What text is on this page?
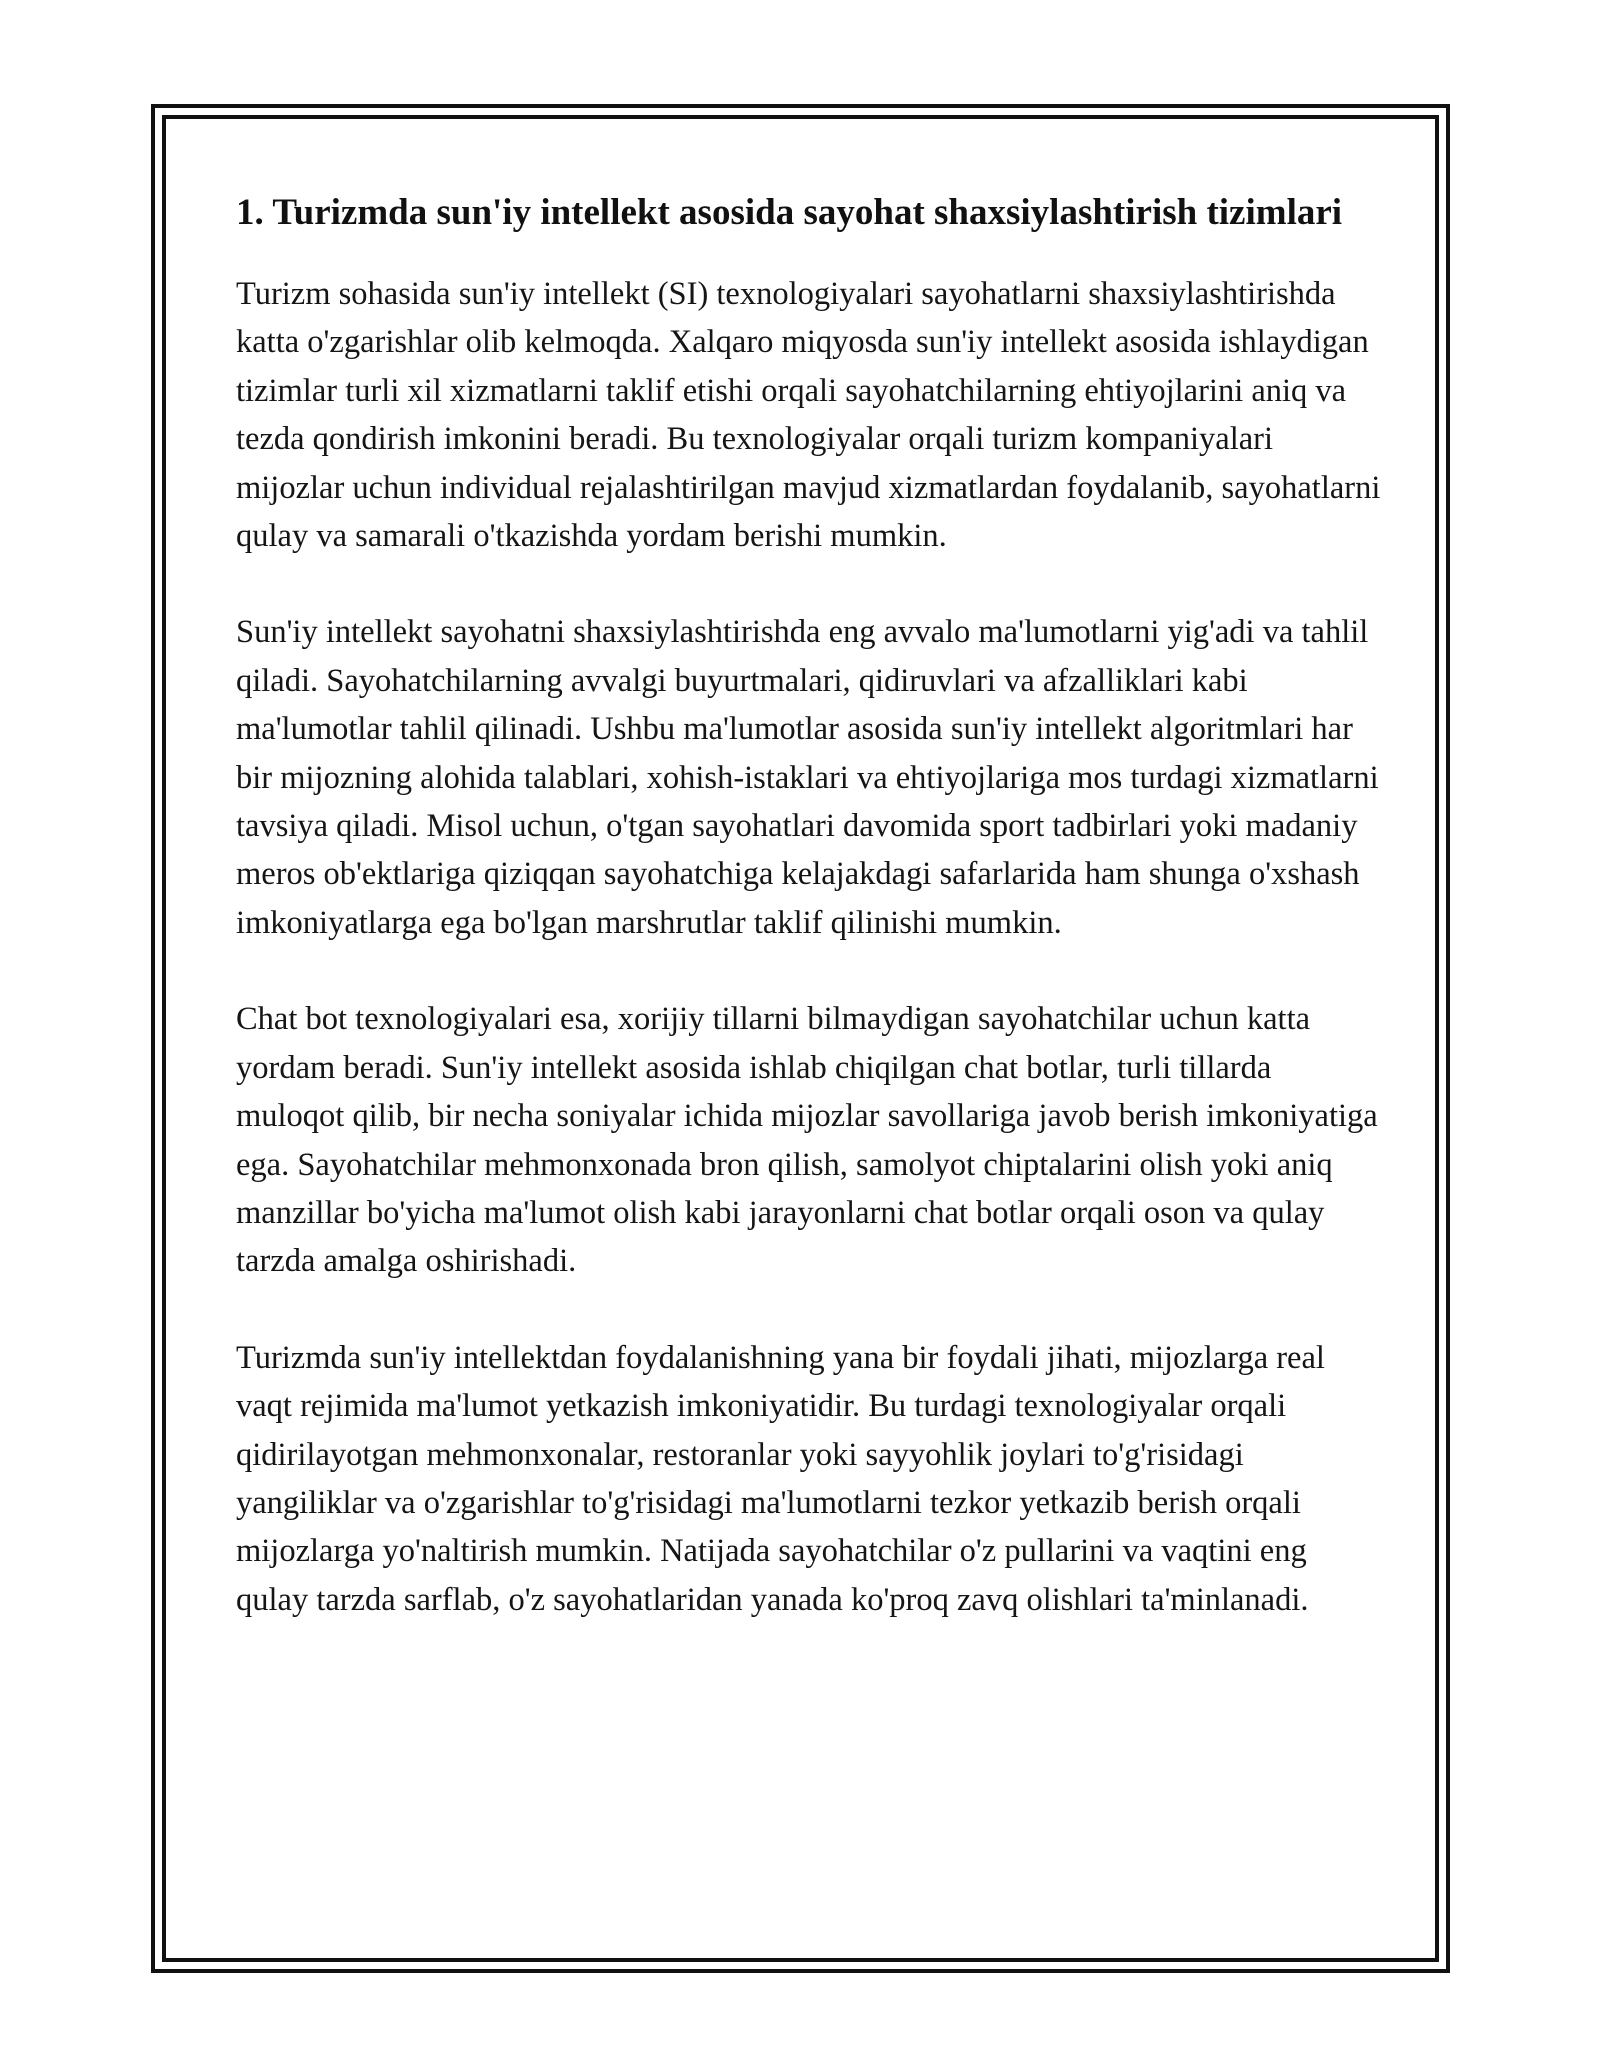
1. Turizmda sun'iy intellekt asosida sayohat shaxsiylashtirish tizimlari

Turizm sohasida sun'iy intellekt (SI) texnologiyalari sayohatlarni shaxsiylashtirishda katta o'zgarishlar olib kelmoqda. Xalqaro miqyosda sun'iy intellekt asosida ishlaydigan tizimlar turli xil xizmatlarni taklif etishi orqali sayohatchilarning ehtiyojlarini aniq va tezda qondirish imkonini beradi. Bu texnologiyalar orqali turizm kompaniyalari mijozlar uchun individual rejalashtirilgan mavjud xizmatlardan foydalanib, sayohatlarni qulay va samarali o'tkazishda yordam berishi mumkin.

Sun'iy intellekt sayohatni shaxsiylashtirishda eng avvalo ma'lumotlarni yig'adi va tahlil qiladi. Sayohatchilarning avvalgi buyurtmalari, qidiruvlari va afzalliklari kabi ma'lumotlar tahlil qilinadi. Ushbu ma'lumotlar asosida sun'iy intellekt algoritmlari har bir mijozning alohida talablari, xohish-istaklari va ehtiyojlariga mos turdagi xizmatlarni tavsiya qiladi. Misol uchun, o'tgan sayohatlari davomida sport tadbirlari yoki madaniy meros ob'ektlariga qiziqqan sayohatchiga kelajakdagi safarlarida ham shunga o'xshash imkoniyatlarga ega bo'lgan marshrutlar taklif qilinishi mumkin.

Chat bot texnologiyalari esa, xorijiy tillarni bilmaydigan sayohatchilar uchun katta yordam beradi. Sun'iy intellekt asosida ishlab chiqilgan chat botlar, turli tillarda muloqot qilib, bir necha soniyalar ichida mijozlar savollariga javob berish imkoniyatiga ega. Sayohatchilar mehmonxonada bron qilish, samolyot chiptalarini olish yoki aniq manzillar bo'yicha ma'lumot olish kabi jarayonlarni chat botlar orqali oson va qulay tarzda amalga oshirishadi.

Turizmda sun'iy intellektdan foydalanishning yana bir foydali jihati, mijozlarga real vaqt rejimida ma'lumot yetkazish imkoniyatidir. Bu turdagi texnologiyalar orqali qidirilayotgan mehmonxonalar, restoranlar yoki sayyohlik joylari to'g'risidagi yangiliklar va o'zgarishlar to'g'risidagi ma'lumotlarni tezkor yetkazib berish orqali mijozlarga yo'naltirish mumkin. Natijada sayohatchilar o'z pullarini va vaqtini eng qulay tarzda sarflab, o'z sayohatlaridan yanada ko'proq zavq olishlari ta'minlanadi.
